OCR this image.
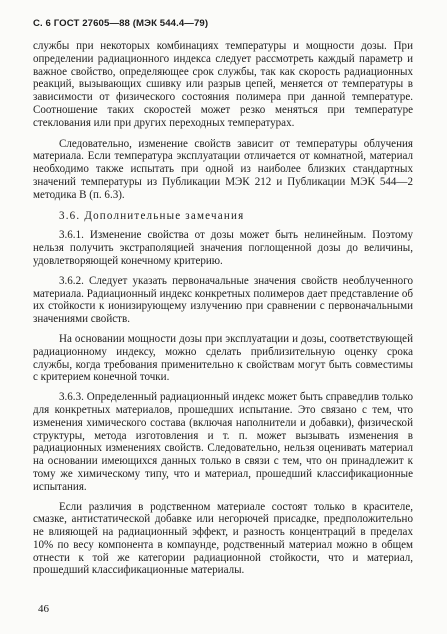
С. 6 ГОСТ 27605—88 (МЭК 544.4—79)

службы при некоторых комбинациях температуры и мощности дозы. При определении радиационного индекса следует рассмотреть каждый параметр и важное свойство, определяющее срок службы, так как скорость радиационных реакций, вызывающих сшивку или разрыв цепей, меняется от температуры в зависимости от физического состояния полимера при данной температуре. Соотношение таких скоростей может резко меняться при температуре стеклования или при других переходных температурах.

Следовательно, изменение свойств зависит от температуры облучения материала. Если температура эксплуатации отличается от комнатной, материал необходимо также испытать при одной из наиболее близких стандартных значений температуры из Публикации МЭК 212 и Публикации МЭК 544—2 методика В (п. 6.3).

3.6. Дополнительные замечания

3.6.1. Изменение свойства от дозы может быть нелинейным. Поэтому нельзя получить экстраполяцией значения поглощенной дозы до величины, удовлетворяющей конечному критерию.

3.6.2. Следует указать первоначальные значения свойств необлученного материала. Радиационный индекс конкретных полимеров дает представление об их стойкости к ионизирующему излучению при сравнении с первоначальными значениями свойств.

На основании мощности дозы при эксплуатации и дозы, соответствующей радиационному индексу, можно сделать приблизительную оценку срока службы, когда требования применительно к свойствам могут быть совместимы с критерием конечной точки.

3.6.3. Определенный радиационный индекс может быть справедлив только для конкретных материалов, прошедших испытание. Это связано с тем, что изменения химического состава (включая наполнители и добавки), физической структуры, метода изготовления и т. п. может вызывать изменения в радиационных изменениях свойств. Следовательно, нельзя оценивать материал на основании имеющихся данных только в связи с тем, что он принадлежит к тому же химическому типу, что и материал, прошедший классификационные испытания.

Если различия в родственном материале состоят только в красителе, смазке, антистатической добавке или негорючей присадке, предположительно не влияющей на радиационный эффект, и разность концентраций в пределах 10% по весу компонента в компаунде, родственный материал можно в общем отнести к той же категории радиационной стойкости, что и материал, прошедший классификационные материалы.

46
